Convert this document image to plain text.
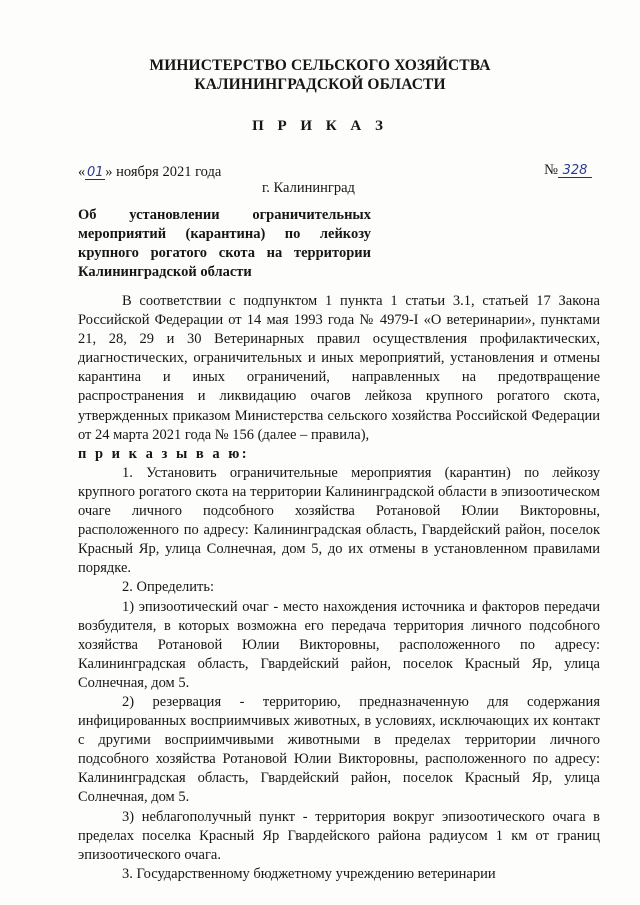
МИНИСТЕРСТВО СЕЛЬСКОГО ХОЗЯЙСТВА
КАЛИНИНГРАДСКОЙ ОБЛАСТИ
П Р И К А З
« 01 » ноября 2021 года	№ 328
г. Калининград
Об установлении ограничительных мероприятий (карантина) по лейкозу крупного рогатого скота на территории Калининградской области

В соответствии с подпунктом 1 пункта 1 статьи 3.1, статьей 17 Закона Российской Федерации от 14 мая 1993 года № 4979-I «О ветеринарии», пунктами 21, 28, 29 и 30 Ветеринарных правил осуществления профилактических, диагностических, ограничительных и иных мероприятий, установления и отмены карантина и иных ограничений, направленных на предотвращение распространения и ликвидацию очагов лейкоза крупного рогатого скота, утвержденных приказом Министерства сельского хозяйства Российской Федерации от 24 марта 2021 года № 156 (далее – правила),

п р и к а з ы в а ю:

1. Установить ограничительные мероприятия (карантин) по лейкозу крупного рогатого скота на территории Калининградской области в эпизоотическом очаге личного подсобного хозяйства Ротановой Юлии Викторовны, расположенного по адресу: Калининградская область, Гвардейский район, поселок Красный Яр, улица Солнечная, дом 5, до их отмены в установленном правилами порядке.

2. Определить:

1) эпизоотический очаг - место нахождения источника и факторов передачи возбудителя, в которых возможна его передача территория личного подсобного хозяйства Ротановой Юлии Викторовны, расположенного по адресу: Калининградская область, Гвардейский район, поселок Красный Яр, улица Солнечная, дом 5.

2) резервация - территорию, предназначенную для содержания инфицированных восприимчивых животных, в условиях, исключающих их контакт с другими восприимчивыми животными в пределах территории личного подсобного хозяйства Ротановой Юлии Викторовны, расположенного по адресу: Калининградская область, Гвардейский район, поселок Красный Яр, улица Солнечная, дом 5.

3) неблагополучный пункт - территория вокруг эпизоотического очага в пределах поселка Красный Яр Гвардейского района радиусом 1 км от границ эпизоотического очага.

3. Государственному бюджетному учреждению ветеринарии
